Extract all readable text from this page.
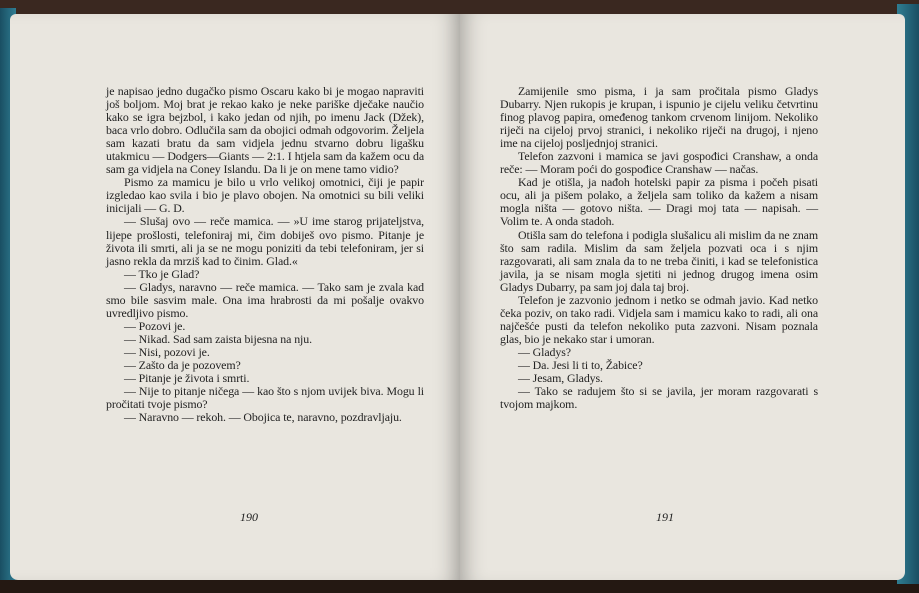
je napisao jedno dugačko pismo Oscaru kako bi je mogao napraviti još boljom. Moj brat je rekao kako je neke pariške dječake naučio kako se igra bejzbol, i kako jedan od njih, po imenu Jack (Džek), baca vrlo dobro. Odlučila sam da obojici odmah odgovorim. Željela sam kazati bratu da sam vidjela jednu stvarno dobru ligašku utakmicu — Dodgers—Giants — 2:1. I htjela sam da kažem ocu da sam ga vidjela na Coney Islandu. Da li je on mene tamo vidio?

Pismo za mamicu je bilo u vrlo velikoj omotnici, čiji je papir izgledao kao svila i bio je plavo obojen. Na omotnici su bili veliki inicijali — G. D.

— Slušaj ovo — reče mamica. — »U ime starog prijateljstva, lijepe prošlosti, telefoniraj mi, čim dobiješ ovo pismo. Pitanje je života ili smrti, ali ja se ne mogu poniziti da tebi telefoniram, jer si jasno rekla da mrziš kad to činim. Glad.«

— Tko je Glad?

— Gladys, naravno — reče mamica. — Tako sam je zvala kad smo bile sasvim male. Ona ima hrabrosti da mi pošalje ovakvo uvredljivo pismo.

— Pozovi je.

— Nikad. Sad sam zaista bijesna na nju.

— Nisi, pozovi je.

— Zašto da je pozovem?

— Pitanje je života i smrti.

— Nije to pitanje ničega — kao što s njom uvijek biva. Mogu li pročitati tvoje pismo?

— Naravno — rekoh. — Obojica te, naravno, pozdravljaju.

190

Zamijenile smo pisma, i ja sam pročitala pismo Gladys Dubarry. Njen rukopis je krupan, i ispunio je cijelu veliku četvrtinu finog plavog papira, omeđenog tankom crvenom linijom. Nekoliko riječi na cijeloj prvoj stranici, i nekoliko riječi na drugoj, i njeno ime na cijeloj posljednjoj stranici.

Telefon zazvoni i mamica se javi gospođici Cranshaw, a onda reče: — Moram poći do gospođice Cranshaw — načas.

Kad je otišla, ja nađoh hotelski papir za pisma i počeh pisati ocu, ali ja pišem polako, a željela sam toliko da kažem a nisam mogla ništa — gotovo ništa. — Dragi moj tata — napisah. — Volim te. A onda stadoh.

Otišla sam do telefona i podigla slušalicu ali mislim da ne znam što sam radila. Mislim da sam željela pozvati oca i s njim razgovarati, ali sam znala da to ne trebа činiti, i kad se telefonistica javila, ja se nisam mogla sjetiti ni jednog drugog imena osim Gladys Dubarry, pa sam joj dala taj broj.

Telefon je zazvonio jednom i netko se odmah javio. Kad netko čeka poziv, on tako radi. Vidjela sam i mamicu kako to radi, ali ona najčešće pusti da telefon nekoliko puta zazvoni. Nisam poznala glas, bio je nekako star i umoran.

— Gladys?

— Da. Jesi li ti to, Žabice?

— Jesam, Gladys.

— Tako se radujem što si se javila, jer moram razgovarati s tvojom majkom.

191
